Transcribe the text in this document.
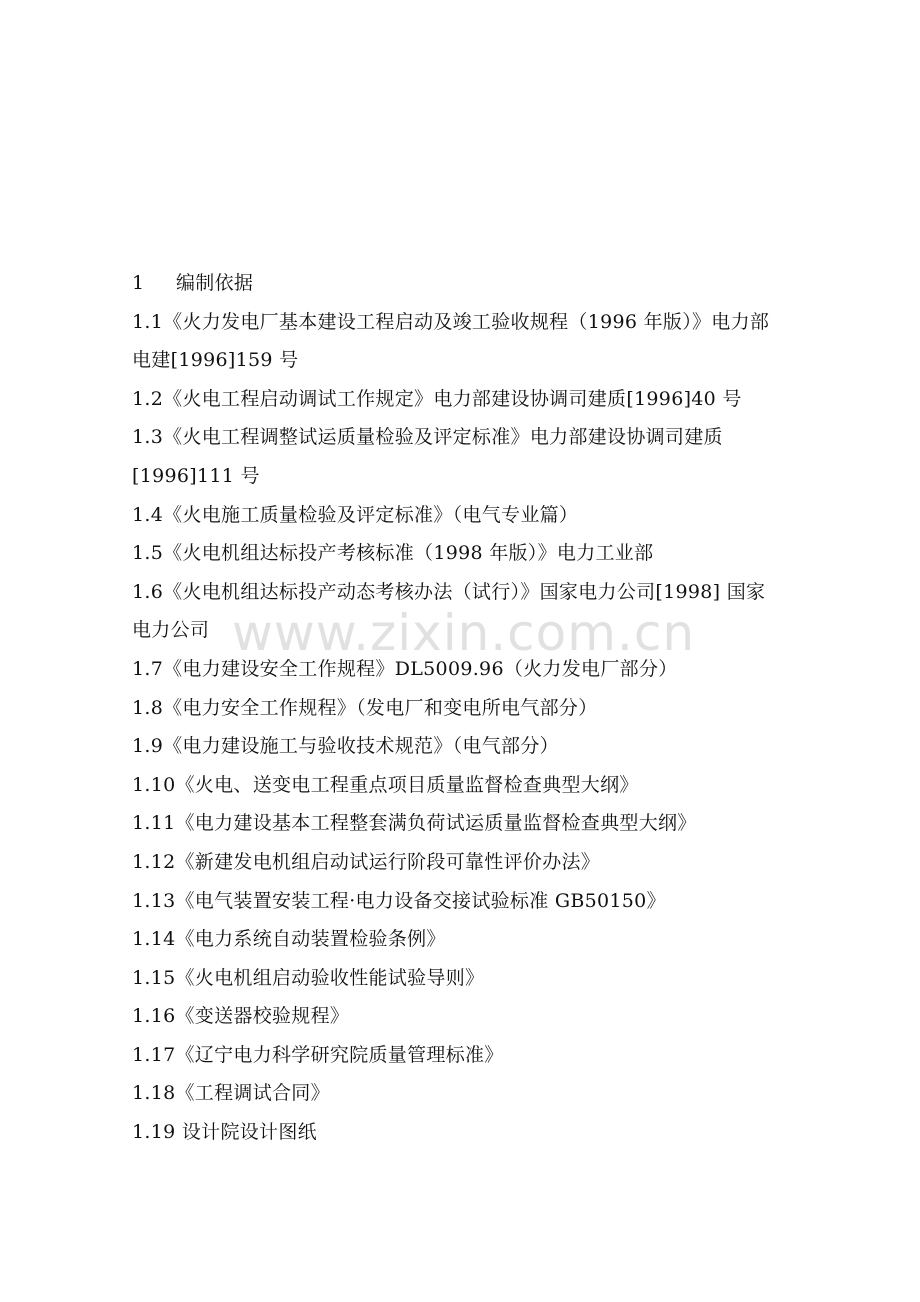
1 编制依据
1.1《火力发电厂基本建设工程启动及竣工验收规程（1996 年版）》电力部
电建[1996]159 号
1.2《火电工程启动调试工作规定》电力部建设协调司建质[1996]40 号
1.3《火电工程调整试运质量检验及评定标准》电力部建设协调司建质
[1996]111 号
1.4《火电施工质量检验及评定标准》（电气专业篇）
1.5《火电机组达标投产考核标准（1998 年版）》电力工业部
1.6《火电机组达标投产动态考核办法（试行）》国家电力公司[1998] 国家
电力公司
1.7《电力建设安全工作规程》DL5009.96（火力发电厂部分）
1.8《电力安全工作规程》（发电厂和变电所电气部分）
1.9《电力建设施工与验收技术规范》（电气部分）
1.10《火电、送变电工程重点项目质量监督检查典型大纲》
1.11《电力建设基本工程整套满负荷试运质量监督检查典型大纲》
1.12《新建发电机组启动试运行阶段可靠性评价办法》
1.13《电气装置安装工程·电力设备交接试验标准 GB50150》
1.14《电力系统自动装置检验条例》
1.15《火电机组启动验收性能试验导则》
1.16《变送器校验规程》
1.17《辽宁电力科学研究院质量管理标准》
1.18《工程调试合同》
1.19 设计院设计图纸
www.zixin.com.cn
